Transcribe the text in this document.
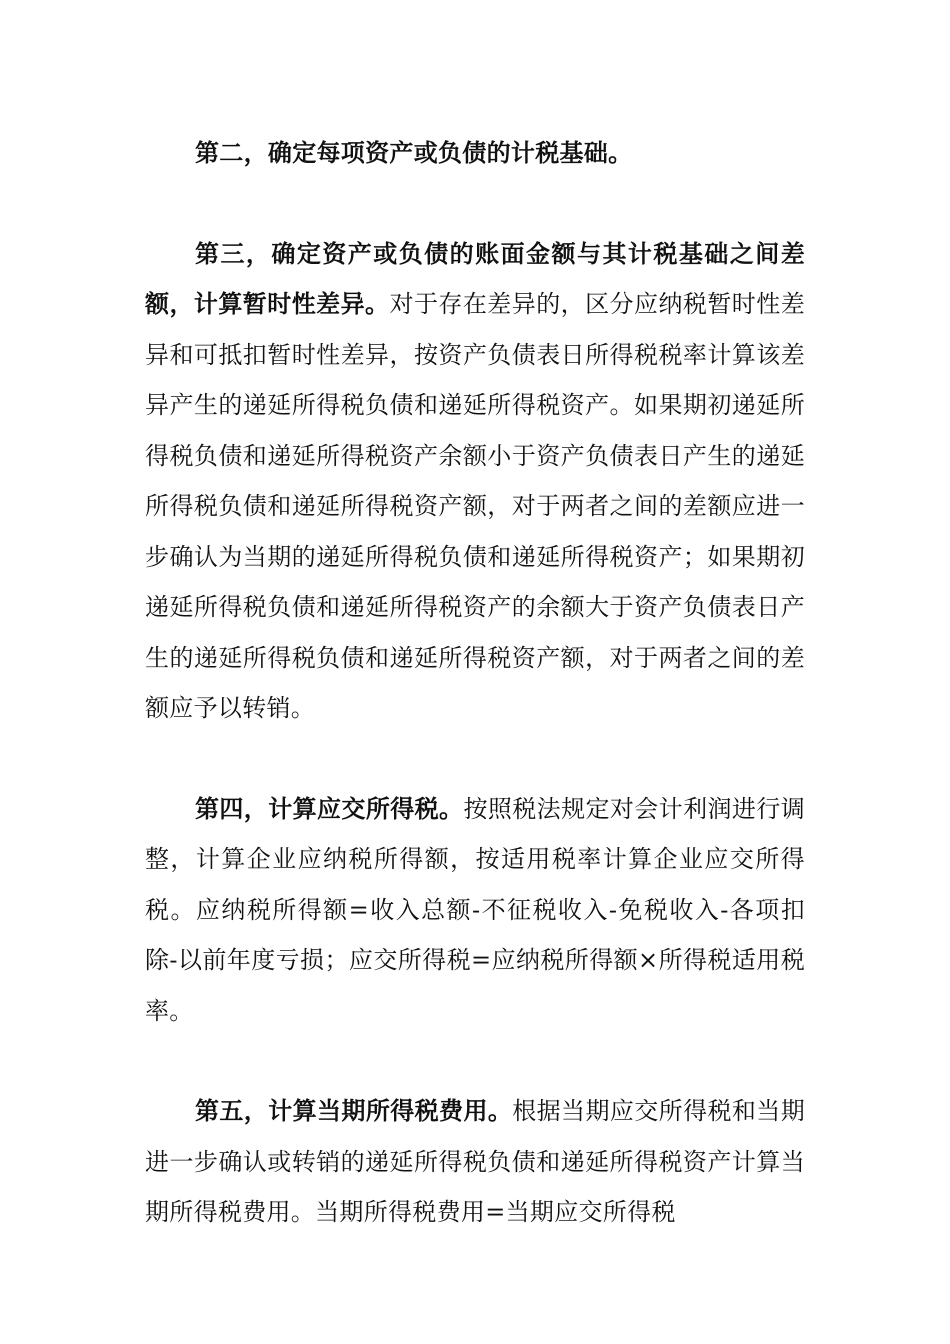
第二，确定每项资产或负债的计税基础。

第三，确定资产或负债的账面金额与其计税基础之间差额，计算暂时性差异。对于存在差异的，区分应纳税暂时性差异和可抵扣暂时性差异，按资产负债表日所得税税率计算该差异产生的递延所得税负债和递延所得税资产。如果期初递延所得税负债和递延所得税资产余额小于资产负债表日产生的递延所得税负债和递延所得税资产额，对于两者之间的差额应进一步确认为当期的递延所得税负债和递延所得税资产；如果期初递延所得税负债和递延所得税资产的余额大于资产负债表日产生的递延所得税负债和递延所得税资产额，对于两者之间的差额应予以转销。

第四，计算应交所得税。按照税法规定对会计利润进行调整，计算企业应纳税所得额，按适用税率计算企业应交所得税。应纳税所得额=收入总额-不征税收入-免税收入-各项扣除-以前年度亏损；应交所得税=应纳税所得额×所得税适用税率。

第五，计算当期所得税费用。根据当期应交所得税和当期进一步确认或转销的递延所得税负债和递延所得税资产计算当期所得税费用。当期所得税费用=当期应交所得税
